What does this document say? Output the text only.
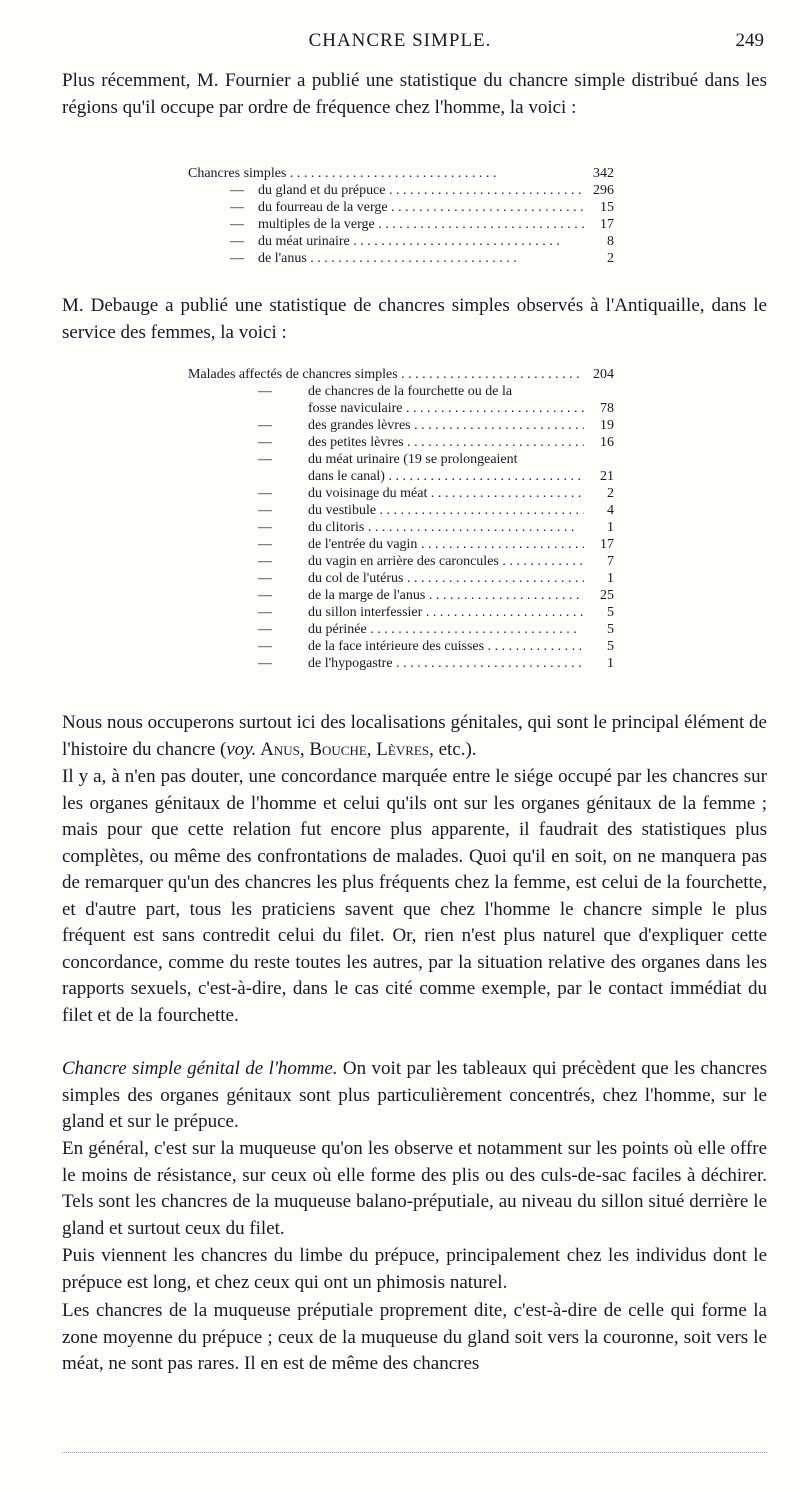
CHANCRE SIMPLE.	249
Plus récemment, M. Fournier a publié une statistique du chancre simple distribué dans les régions qu'il occupe par ordre de fréquence chez l'homme, la voici :
Chancres simples . . .	342
— du gland et du prépuce . . .	296
— du fourreau de la verge . . .	15
— multiples de la verge . . .	17
— du méat urinaire . . .	8
— de l'anus . . .	2
M. Debauge a publié une statistique de chancres simples observés à l'Antiquaille, dans le service des femmes, la voici :
Malades affectés de chancres simples . . .	204
—	de chancres de la fourchette ou de la
fosse naviculaire . . .	78
—	des grandes lèvres . . .	19
—	des petites lèvres . . .	16
—	du méat urinaire (19 se prolongeaient
dans le canal) . . .	21
—	du voisinage du méat . . .	2
—	du vestibule . . .	4
—	du clitoris . . .	1
—	de l'entrée du vagin . . .	17
—	du vagin en arrière des caroncules . . .	7
—	du col de l'utérus . . .	1
—	de la marge de l'anus . . .	25
—	du sillon interfessier . . .	5
—	du périnée . . .	5
—	de la face intérieure des cuisses . . .	5
—	de l'hypogastre . . .	1
Nous nous occuperons surtout ici des localisations génitales, qui sont le principal élément de l'histoire du chancre (voy. Anus, Bouche, Lèvres, etc.).
Il y a, à n'en pas douter, une concordance marquée entre le siége occupé par les chancres sur les organes génitaux de l'homme et celui qu'ils ont sur les organes génitaux de la femme ; mais pour que cette relation fut encore plus apparente, il faudrait des statistiques plus complètes, ou même des confrontations de malades. Quoi qu'il en soit, on ne manquera pas de remarquer qu'un des chancres les plus fréquents chez la femme, est celui de la fourchette, et d'autre part, tous les praticiens savent que chez l'homme le chancre simple le plus fréquent est sans contredit celui du filet. Or, rien n'est plus naturel que d'expliquer cette concordance, comme du reste toutes les autres, par la situation relative des organes dans les rapports sexuels, c'est-à-dire, dans le cas cité comme exemple, par le contact immédiat du filet et de la fourchette.
Chancre simple génital de l'homme. On voit par les tableaux qui précèdent que les chancres simples des organes génitaux sont plus particulièrement concentrés, chez l'homme, sur le gland et sur le prépuce.
En général, c'est sur la muqueuse qu'on les observe et notamment sur les points où elle offre le moins de résistance, sur ceux où elle forme des plis ou des culs-de-sac faciles à déchirer. Tels sont les chancres de la muqueuse balano-préputiale, au niveau du sillon situé derrière le gland et surtout ceux du filet.
Puis viennent les chancres du limbe du prépuce, principalement chez les individus dont le prépuce est long, et chez ceux qui ont un phimosis naturel.
Les chancres de la muqueuse préputiale proprement dite, c'est-à-dire de celle qui forme la zone moyenne du prépuce ; ceux de la muqueuse du gland soit vers la couronne, soit vers le méat, ne sont pas rares. Il en est de même des chancres
